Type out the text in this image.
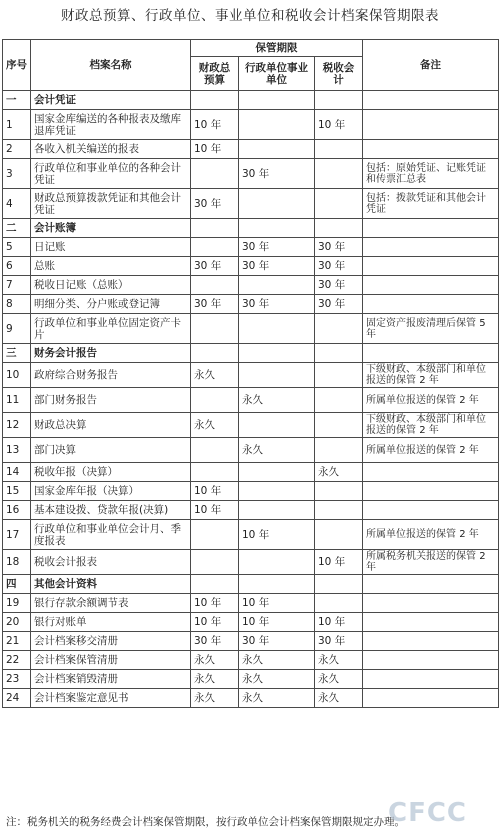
财政总预算、行政单位、事业单位和税收会计档案保管期限表
序号	档案名称	保管期限			备注
		财政总预算	行政单位事业单位	税收会计	
一	会计凭证				
1	国家金库编送的各种报表及缴库退库凭证	10 年		10 年	
2	各收入机关编送的报表	10 年			
3	行政单位和事业单位的各种会计凭证		30 年		包括：原始凭证、记账凭证和传票汇总表
4	财政总预算拨款凭证和其他会计凭证	30 年			包括：拨款凭证和其他会计凭证
二	会计账簿				
5	日记账		30 年	30 年	
6	总账	30 年	30 年	30 年	
7	税收日记账（总账）			30 年	
8	明细分类、分户账或登记簿	30 年	30 年	30 年	
9	行政单位和事业单位固定资产卡片				固定资产报废清理后保管 5 年
三	财务会计报告				
10	政府综合财务报告	永久			下级财政、本级部门和单位报送的保管 2 年
11	部门财务报告		永久		所属单位报送的保管 2 年
12	财政总决算	永久			下级财政、本级部门和单位报送的保管 2 年
13	部门决算		永久		所属单位报送的保管 2 年
14	税收年报（决算）			永久	
15	国家金库年报（决算）	10 年			
16	基本建设拨、贷款年报(决算)	10 年			
17	行政单位和事业单位会计月、季度报表		10 年		所属单位报送的保管 2 年
18	税收会计报表			10 年	所属税务机关报送的保管 2 年
四	其他会计资料				
19	银行存款余额调节表	10 年	10 年		
20	银行对账单	10 年	10 年	10 年	
21	会计档案移交清册	30 年	30 年	30 年	
22	会计档案保管清册	永久	永久	永久	
23	会计档案销毁清册	永久	永久	永久	
24	会计档案鉴定意见书	永久	永久	永久	
注：税务机关的税务经费会计档案保管期限，按行政单位会计档案保管期限规定办理。
CFCC
